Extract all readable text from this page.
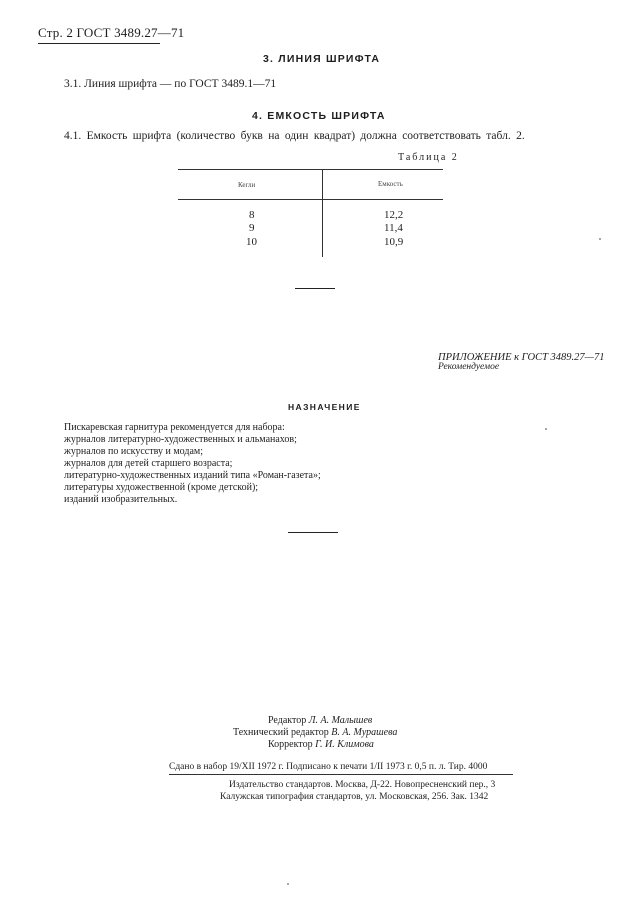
Стр. 2 ГОСТ 3489.27—71
3. ЛИНИЯ ШРИФТА
3.1. Линия шрифта — по ГОСТ 3489.1—71
4. ЕМКОСТЬ ШРИФТА
4.1. Емкость шрифта (количество букв на один квадрат) должна соответствовать табл. 2.
Таблица 2
Кегли	Емкость
8	12,2
9	11,4
10	10,9
ПРИЛОЖЕНИЕ к ГОСТ 3489.27—71
Рекомендуемое
НАЗНАЧЕНИЕ
Пискаревская гарнитура рекомендуется для набора:
журналов литературно-художественных и альманахов;
журналов по искусству и модам;
журналов для детей старшего возраста;
литературно-художественных изданий типа «Роман-газета»;
литературы художественной (кроме детской);
изданий изобразительных.
Редактор Л. А. Малышев
Технический редактор В. А. Мурашева
Корректор Г. И. Климова
Сдано в набор 19/XII 1972 г. Подписано к печати 1/II 1973 г. 0,5 п. л. Тир. 4000
Издательство стандартов. Москва, Д-22. Новопресненский пер., 3
Калужская типография стандартов, ул. Московская, 256. Зак. 1342
